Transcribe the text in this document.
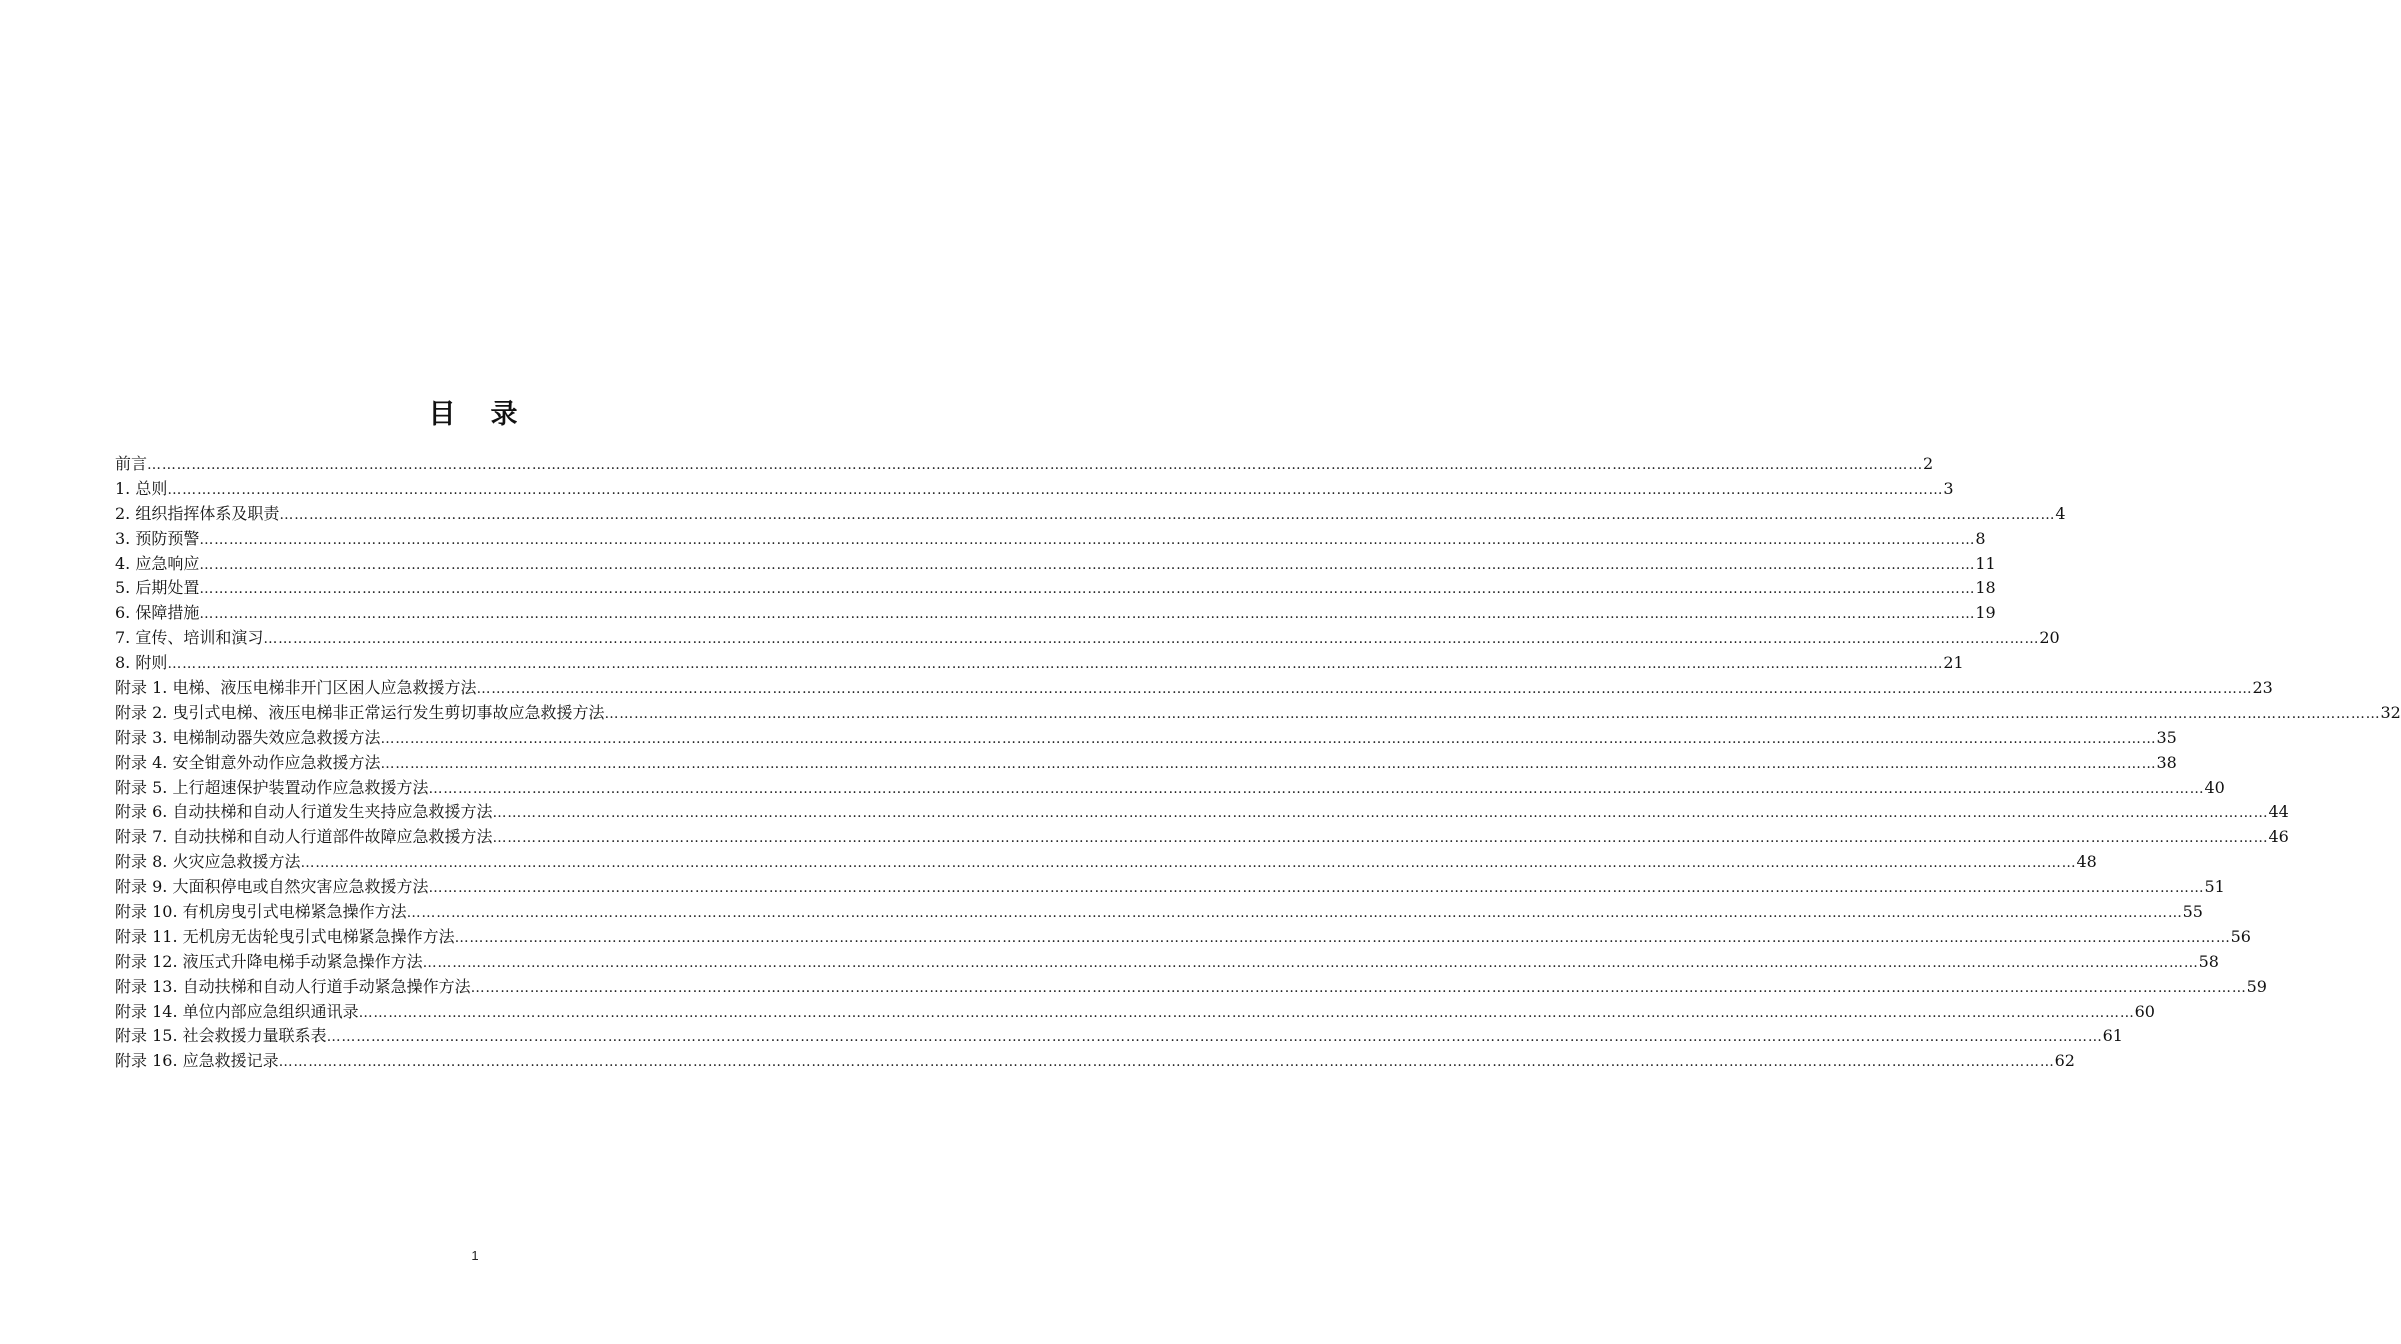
目　录
前言 ……………………………………………………………………………………………………………………………………………………………………………………………………………………………………………………………………………………………………………………………… 2
1. 总则 ……………………………………………………………………………………………………………………………………………………………………………………………………………………………………………………………………………………………………………………………… 3
2. 组织指挥体系及职责 ……………………………………………………………………………………………………………………………………………………………………………………………………………………………………………………………………………………………………………………………… 4
3. 预防预警 ……………………………………………………………………………………………………………………………………………………………………………………………………………………………………………………………………………………………………………………………… 8
4. 应急响应 ……………………………………………………………………………………………………………………………………………………………………………………………………………………………………………………………………………………………………………………………… 11
5. 后期处置 ……………………………………………………………………………………………………………………………………………………………………………………………………………………………………………………………………………………………………………………………… 18
6. 保障措施 ……………………………………………………………………………………………………………………………………………………………………………………………………………………………………………………………………………………………………………………………… 19
7. 宣传、培训和演习 ……………………………………………………………………………………………………………………………………………………………………………………………………………………………………………………………………………………………………………………………… 20
8. 附则 ……………………………………………………………………………………………………………………………………………………………………………………………………………………………………………………………………………………………………………………………… 21
附录 1. 电梯、液压电梯非开门区困人应急救援方法 ……………………………………………………………………………………………………………………………………………………………………………………………………………………………………………………………………………………………………………………………… 23
附录 2. 曳引式电梯、液压电梯非正常运行发生剪切事故应急救援方法 ……………………………………………………………………………………………………………………………………………………………………………………………………………………………………………………………………………………………………………………………… 32
附录 3. 电梯制动器失效应急救援方法 ……………………………………………………………………………………………………………………………………………………………………………………………………………………………………………………………………………………………………………………………… 35
附录 4. 安全钳意外动作应急救援方法 ……………………………………………………………………………………………………………………………………………………………………………………………………………………………………………………………………………………………………………………………… 38
附录 5. 上行超速保护装置动作应急救援方法 ……………………………………………………………………………………………………………………………………………………………………………………………………………………………………………………………………………………………………………………………… 40
附录 6. 自动扶梯和自动人行道发生夹持应急救援方法 ……………………………………………………………………………………………………………………………………………………………………………………………………………………………………………………………………………………………………………………………… 44
附录 7. 自动扶梯和自动人行道部件故障应急救援方法 ……………………………………………………………………………………………………………………………………………………………………………………………………………………………………………………………………………………………………………………………… 46
附录 8. 火灾应急救援方法 ……………………………………………………………………………………………………………………………………………………………………………………………………………………………………………………………………………………………………………………………… 48
附录 9. 大面积停电或自然灾害应急救援方法 ……………………………………………………………………………………………………………………………………………………………………………………………………………………………………………………………………………………………………………………………… 51
附录 10. 有机房曳引式电梯紧急操作方法 ……………………………………………………………………………………………………………………………………………………………………………………………………………………………………………………………………………………………………………………………… 55
附录 11. 无机房无齿轮曳引式电梯紧急操作方法 ……………………………………………………………………………………………………………………………………………………………………………………………………………………………………………………………………………………………………………………………… 56
附录 12. 液压式升降电梯手动紧急操作方法 ……………………………………………………………………………………………………………………………………………………………………………………………………………………………………………………………………………………………………………………………… 58
附录 13. 自动扶梯和自动人行道手动紧急操作方法 ……………………………………………………………………………………………………………………………………………………………………………………………………………………………………………………………………………………………………………………………… 59
附录 14. 单位内部应急组织通讯录 ……………………………………………………………………………………………………………………………………………………………………………………………………………………………………………………………………………………………………………………………… 60
附录 15. 社会救援力量联系表 ……………………………………………………………………………………………………………………………………………………………………………………………………………………………………………………………………………………………………………………………… 61
附录 16. 应急救援记录 ……………………………………………………………………………………………………………………………………………………………………………………………………………………………………………………………………………………………………………………………… 62
1
